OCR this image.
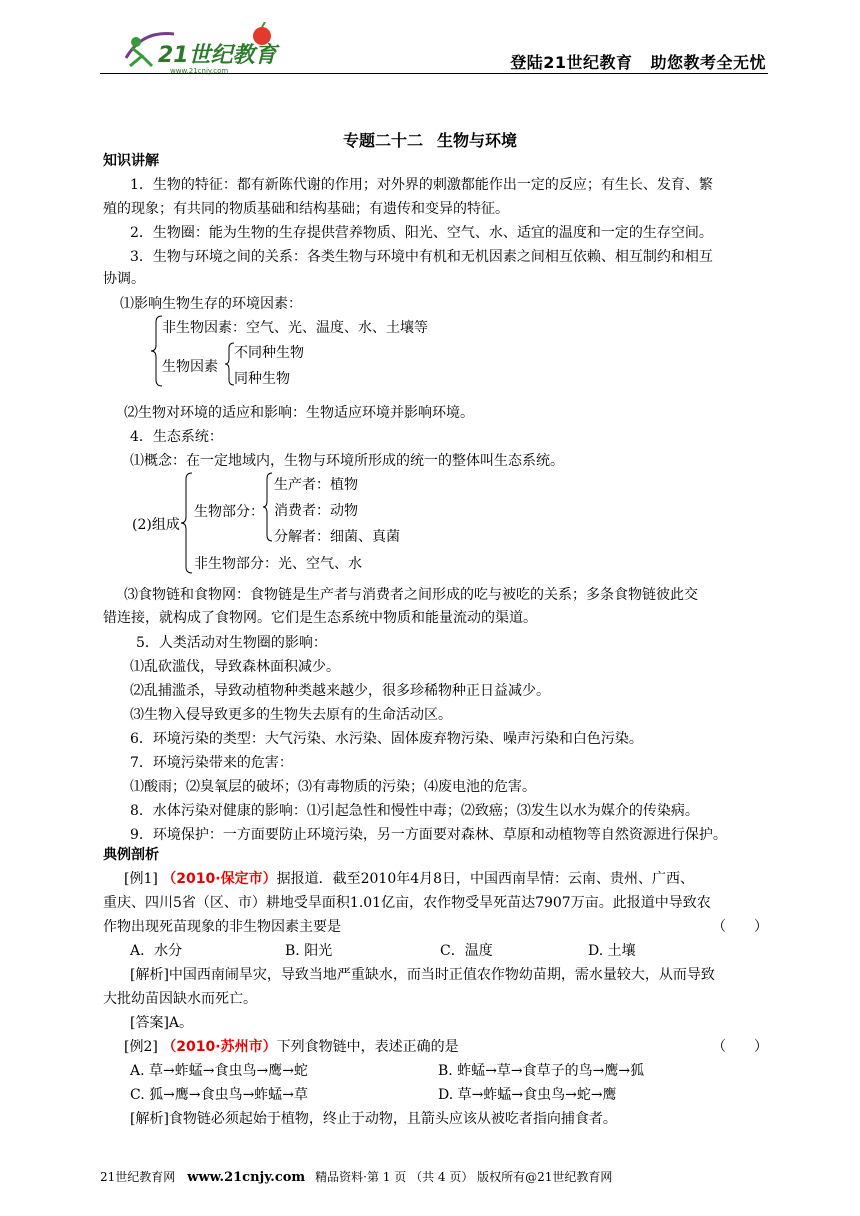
21世纪教育
www.21cnjy.com	登陆21世纪教育 助您教考全无忧
专题二十二 生物与环境
知识讲解
1．生物的特征：都有新陈代谢的作用；对外界的刺激都能作出一定的反应；有生长、发育、繁
殖的现象；有共同的物质基础和结构基础；有遗传和变异的特征。
2．生物圈：能为生物的生存提供营养物质、阳光、空气、水、适宜的温度和一定的生存空间。
3．生物与环境之间的关系：各类生物与环境中有机和无机因素之间相互依赖、相互制约和相互
协调。
⑴影响生物生存的环境因素：
非生物因素：空气、光、温度、水、土壤等
生物因素
不同种生物
同种生物
⑵生物对环境的适应和影响：生物适应环境并影响环境。
4．生态系统：
⑴概念：在一定地域内，生物与环境所形成的统一的整体叫生态系统。
(2)组成
生物部分：
生产者：植物
消费者：动物
分解者：细菌、真菌
非生物部分：光、空气、水
⑶食物链和食物网：食物链是生产者与消费者之间形成的吃与被吃的关系；多条食物链彼此交
错连接，就构成了食物网。它们是生态系统中物质和能量流动的渠道。
5．人类活动对生物圈的影响：
⑴乱砍滥伐，导致森林面积减少。
⑵乱捕滥杀，导致动植物种类越来越少，很多珍稀物种正日益减少。
⑶生物入侵导致更多的生物失去原有的生命活动区。
6．环境污染的类型：大气污染、水污染、固体废弃物污染、噪声污染和白色污染。
7．环境污染带来的危害：
⑴酸雨；⑵臭氧层的破坏；⑶有毒物质的污染；⑷废电池的危害。
8．水体污染对健康的影响：⑴引起急性和慢性中毒；⑵致癌；⑶发生以水为媒介的传染病。
9．环境保护：一方面要防止环境污染，另一方面要对森林、草原和动植物等自然资源进行保护。
典例剖析
[例1] （2010·保定市）据报道．截至2010年4月8日，中国西南旱情：云南、贵州、广西、
重庆、四川5省（区、市）耕地受旱面积1.01亿亩，农作物受旱死苗达7907万亩。此报道中导致农
作物出现死苗现象的非生物因素主要是	（　　）
A．水分	B. 阳光	C．温度	D. 土壤
[解析]中国西南闹旱灾，导致当地严重缺水，而当时正值农作物幼苗期，需水量较大，从而导致
大批幼苗因缺水而死亡。
[答案]A。
[例2] （2010·苏州市）下列食物链中，表述正确的是	（　　）
A. 草→蚱蜢→食虫鸟→鹰→蛇	B. 蚱蜢→草→食草子的鸟→鹰→狐
C. 狐→鹰→食虫鸟→蚱蜢→草	D. 草→蚱蜢→食虫鸟→蛇→鹰
[解析]食物链必须起始于植物，终止于动物，且箭头应该从被吃者指向捕食者。
21世纪教育网 www.21cnjy.com 精品资料·第 1 页 （共 4 页） 版权所有@21世纪教育网
